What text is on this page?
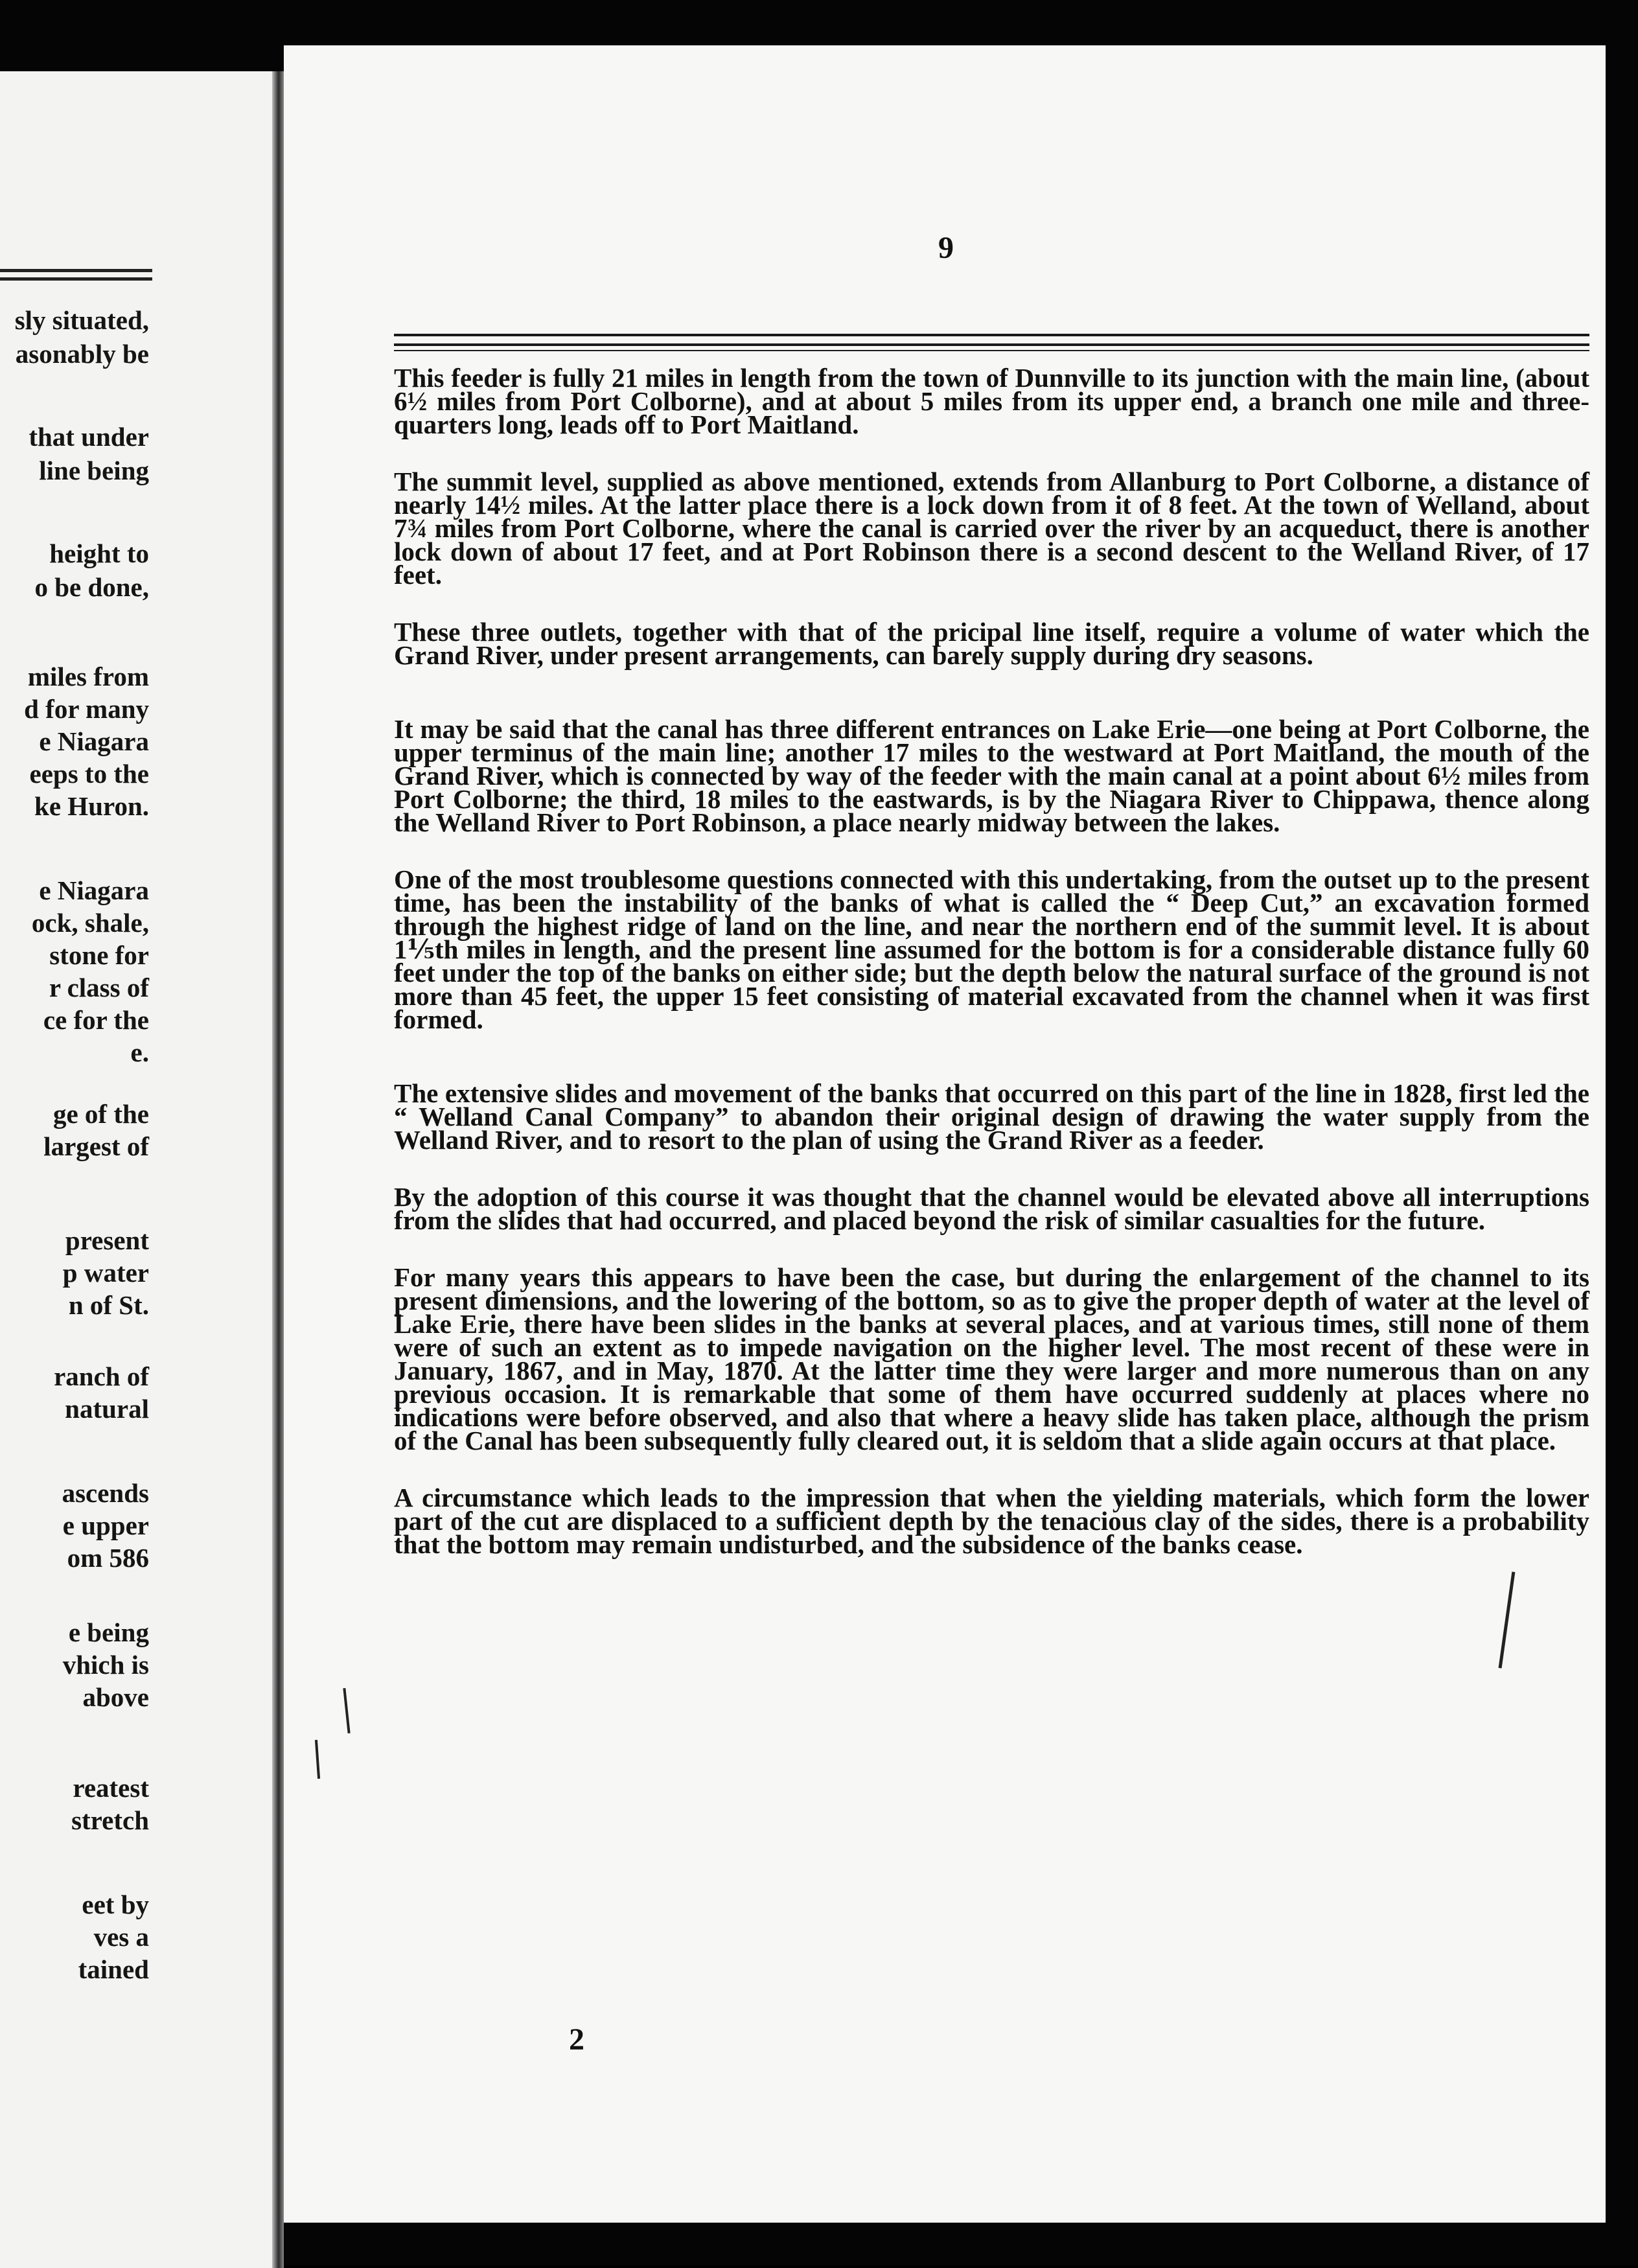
sly situated,
asonably be
that under
line being
height to
o be done,
miles from
d for many
e Niagara
eeps to the
ke Huron.
e Niagara
ock, shale,
stone for
r class of
ce for the
e.
ge of the
largest of
present
p water
n of St.
ranch of
natural
ascends
e upper
om 586
e being
vhich is
above
reatest
stretch
eet by
ves a
tained
9

This feeder is fully 21 miles in length from the town of Dunnville to its junction with the main line, (about 6½ miles from Port Colborne), and at about 5 miles from its upper end, a branch one mile and three-quarters long, leads off to Port Maitland.

The summit level, supplied as above mentioned, extends from Allanburg to Port Colborne, a distance of nearly 14½ miles. At the latter place there is a lock down from it of 8 feet. At the town of Welland, about 7¾ miles from Port Colborne, where the canal is carried over the river by an acqueduct, there is another lock down of about 17 feet, and at Port Robinson there is a second descent to the Welland River, of 17 feet.

These three outlets, together with that of the pricipal line itself, require a volume of water which the Grand River, under present arrangements, can barely supply during dry seasons.

It may be said that the canal has three different entrances on Lake Erie—one being at Port Colborne, the upper terminus of the main line; another 17 miles to the westward at Port Maitland, the mouth of the Grand River, which is connected by way of the feeder with the main canal at a point about 6½ miles from Port Colborne; the third, 18 miles to the eastwards, is by the Niagara River to Chippawa, thence along the Welland River to Port Robinson, a place nearly midway between the lakes.

One of the most troublesome questions connected with this undertaking, from the outset up to the present time, has been the instability of the banks of what is called the “ Deep Cut,” an excavation formed through the highest ridge of land on the line, and near the northern end of the summit level. It is about 1⅕th miles in length, and the present line assumed for the bottom is for a considerable distance fully 60 feet under the top of the banks on either side; but the depth below the natural surface of the ground is not more than 45 feet, the upper 15 feet consisting of material excavated from the channel when it was first formed.

The extensive slides and movement of the banks that occurred on this part of the line in 1828, first led the “ Welland Canal Company” to abandon their original design of drawing the water supply from the Welland River, and to resort to the plan of using the Grand River as a feeder.

By the adoption of this course it was thought that the channel would be elevated above all interruptions from the slides that had occurred, and placed beyond the risk of similar casualties for the future.

For many years this appears to have been the case, but during the enlargement of the channel to its present dimensions, and the lowering of the bottom, so as to give the proper depth of water at the level of Lake Erie, there have been slides in the banks at several places, and at various times, still none of them were of such an extent as to impede navigation on the higher level. The most recent of these were in January, 1867, and in May, 1870. At the latter time they were larger and more numerous than on any previous occasion. It is remarkable that some of them have occurred suddenly at places where no indications were before observed, and also that where a heavy slide has taken place, although the prism of the Canal has been subsequently fully cleared out, it is seldom that a slide again occurs at that place.

A circumstance which leads to the impression that when the yielding materials, which form the lower part of the cut are displaced to a sufficient depth by the tenacious clay of the sides, there is a probability that the bottom may remain undisturbed, and the subsidence of the banks cease.

2
